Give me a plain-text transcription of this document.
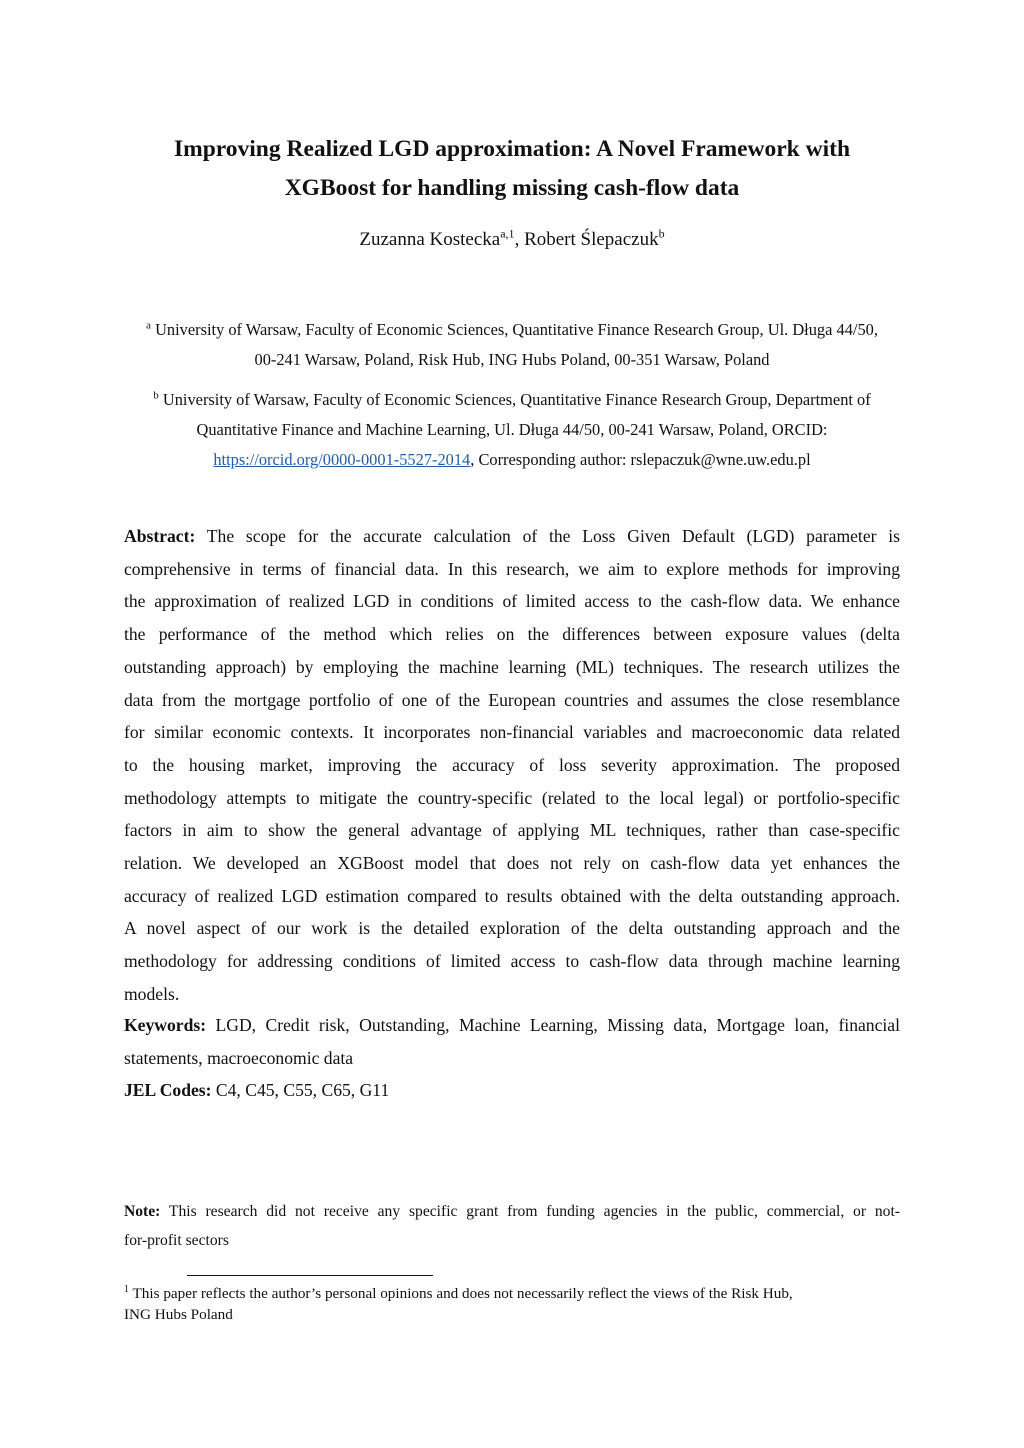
Improving Realized LGD approximation: A Novel Framework with
XGBoost for handling missing cash-flow data
Zuzanna Kostecka$^{a,1}$, Robert Ślepaczuk$^b$
$^a$ University of Warsaw, Faculty of Economic Sciences, Quantitative Finance Research Group, Ul. Długa 44/50,
00-241 Warsaw, Poland, Risk Hub, ING Hubs Poland, 00-351 Warsaw, Poland
$^b$ University of Warsaw, Faculty of Economic Sciences, Quantitative Finance Research Group, Department of
Quantitative Finance and Machine Learning, Ul. Długa 44/50, 00-241 Warsaw, Poland, ORCID:
https://orcid.org/0000-0001-5527-2014, Corresponding author: rslepaczuk@wne.uw.edu.pl
Abstract: The scope for the accurate calculation of the Loss Given Default (LGD) parameter is
comprehensive in terms of financial data. In this research, we aim to explore methods for improving
the approximation of realized LGD in conditions of limited access to the cash-flow data. We enhance
the performance of the method which relies on the differences between exposure values (delta
outstanding approach) by employing the machine learning (ML) techniques. The research utilizes the
data from the mortgage portfolio of one of the European countries and assumes the close resemblance
for similar economic contexts. It incorporates non-financial variables and macroeconomic data related
to the housing market, improving the accuracy of loss severity approximation. The proposed
methodology attempts to mitigate the country-specific (related to the local legal) or portfolio-specific
factors in aim to show the general advantage of applying ML techniques, rather than case-specific
relation. We developed an XGBoost model that does not rely on cash-flow data yet enhances the
accuracy of realized LGD estimation compared to results obtained with the delta outstanding approach.
A novel aspect of our work is the detailed exploration of the delta outstanding approach and the
methodology for addressing conditions of limited access to cash-flow data through machine learning
models.
Keywords: LGD, Credit risk, Outstanding, Machine Learning, Missing data, Mortgage loan, financial
statements, macroeconomic data
JEL Codes: C4, C45, C55, C65, G11
Note: This research did not receive any specific grant from funding agencies in the public, commercial, or not-
for-profit sectors
$^1$ This paper reflects the author’s personal opinions and does not necessarily reflect the views of the Risk Hub,
ING Hubs Poland
